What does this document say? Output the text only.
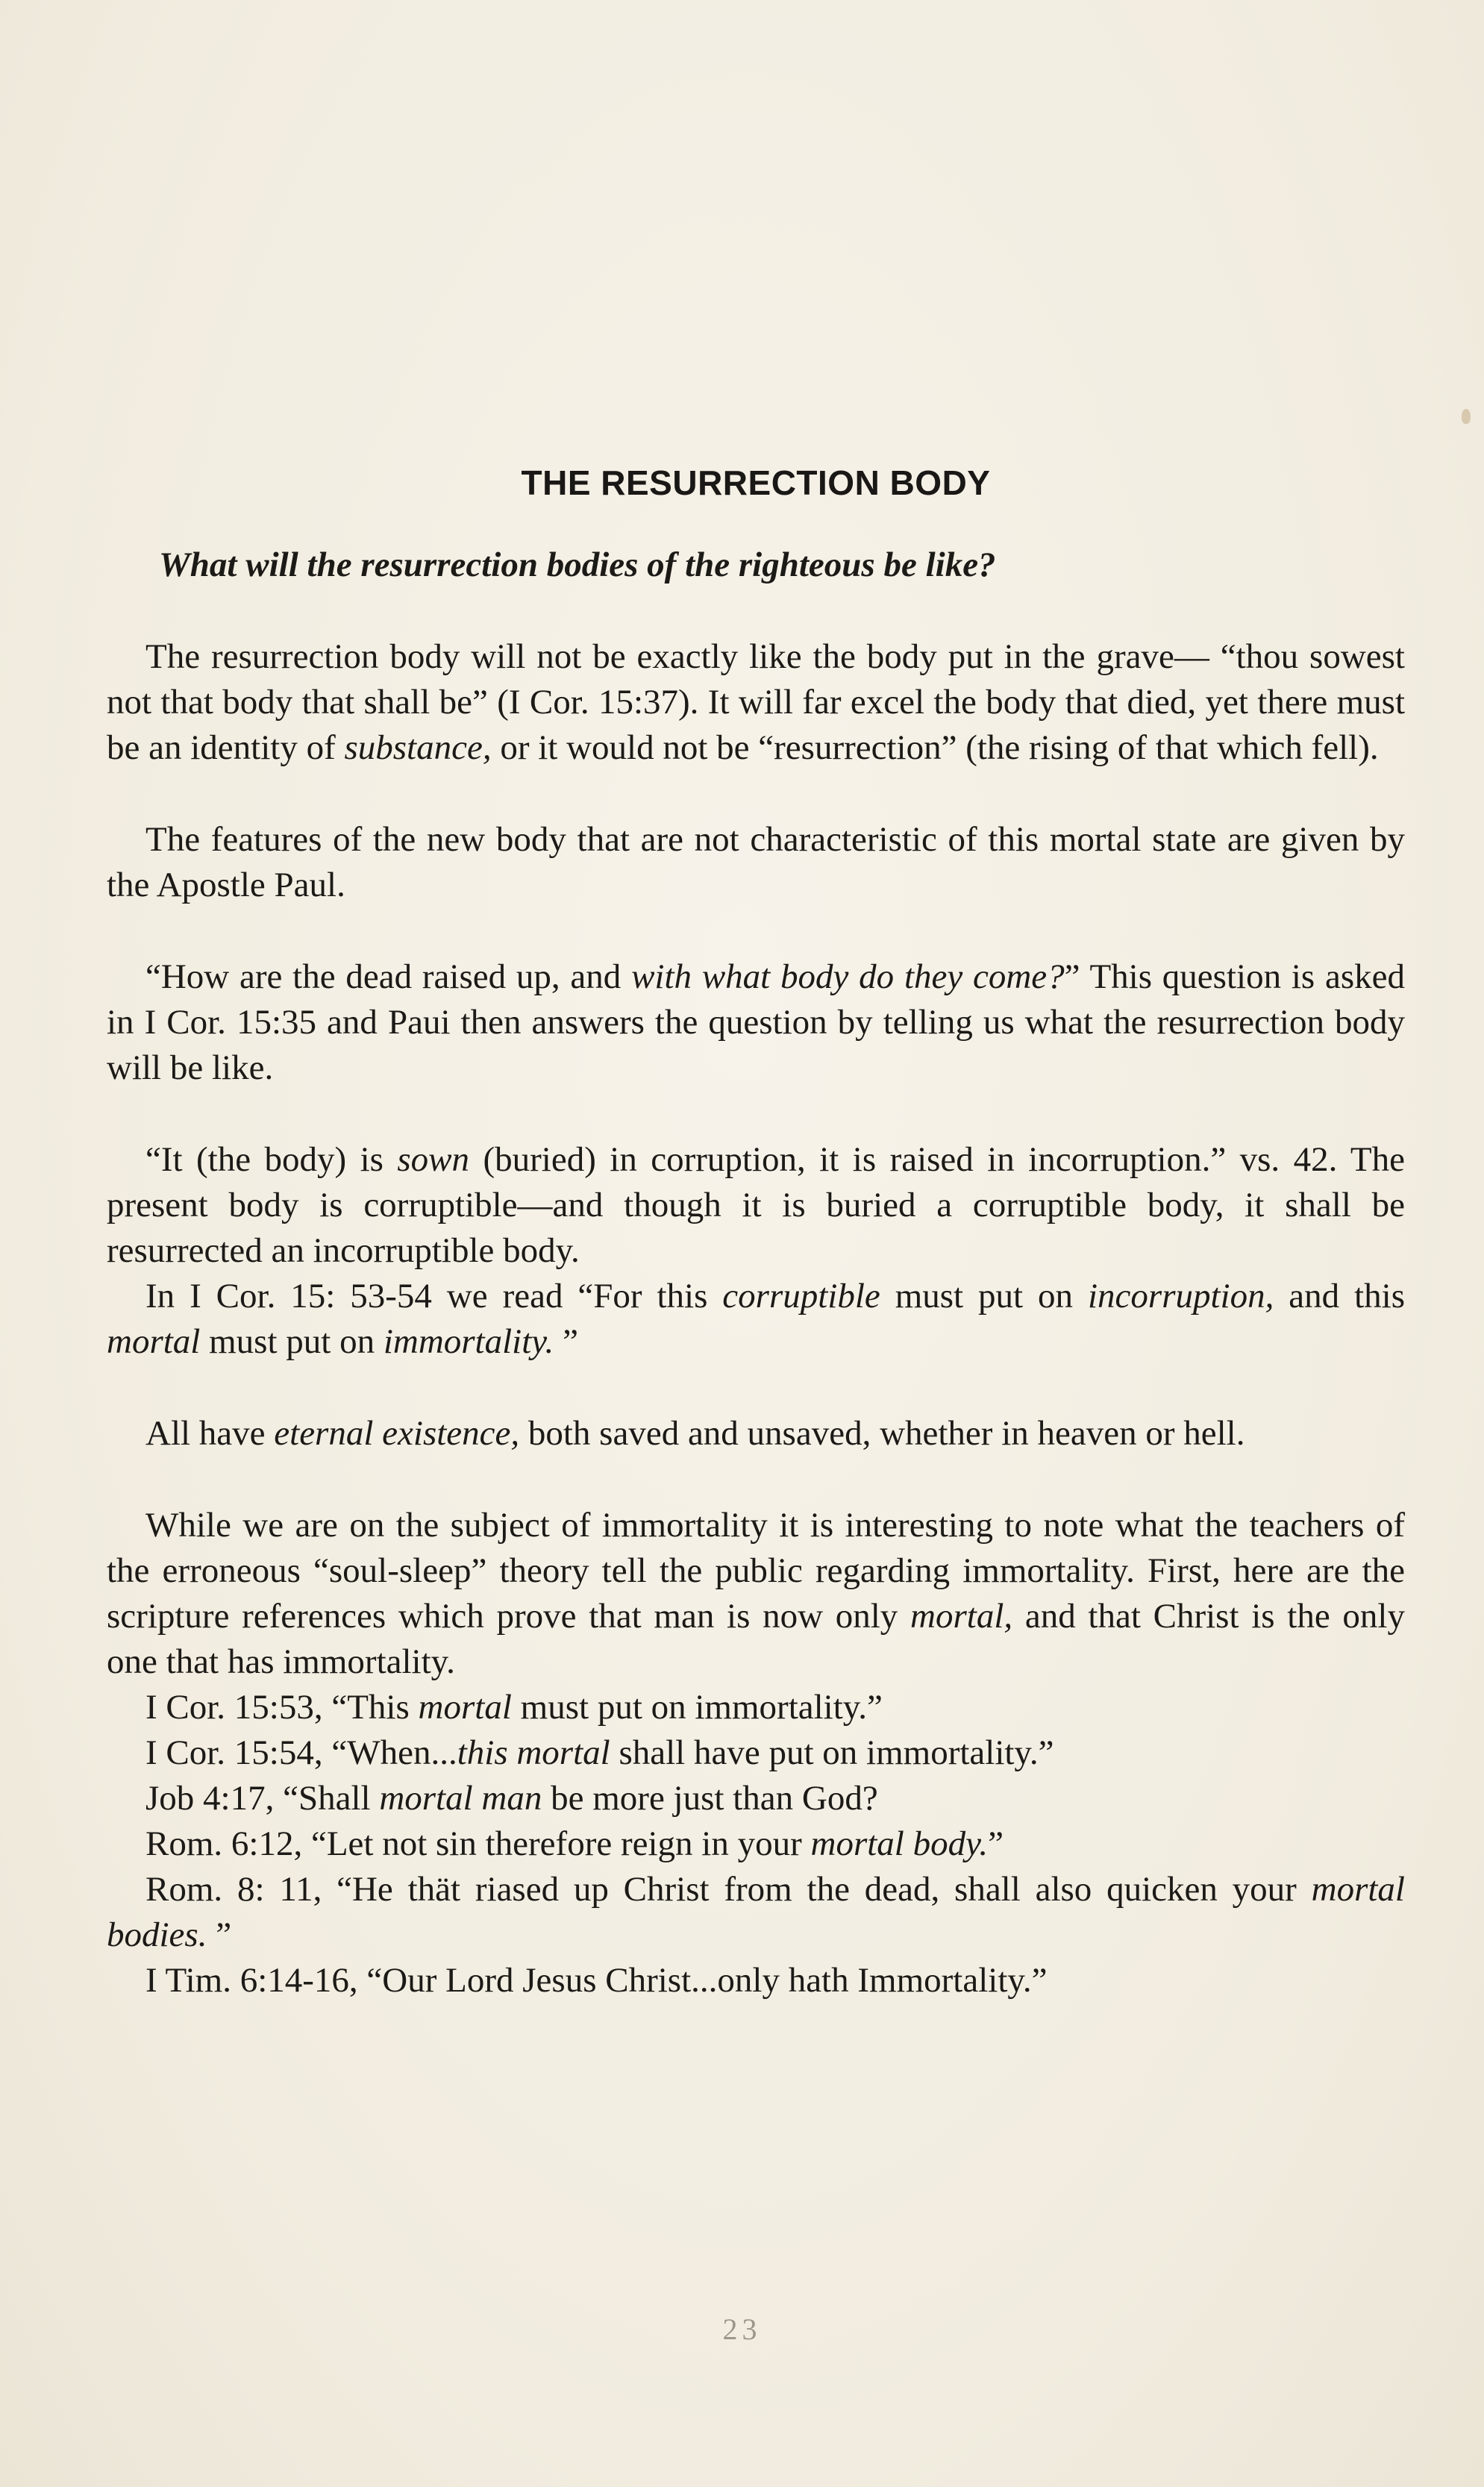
THE RESURRECTION BODY
What will the resurrection bodies of the righteous be like?

The resurrection body will not be exactly like the body put in the grave— “thou sowest not that body that shall be” (I Cor. 15:37). It will far excel the body that died, yet there must be an identity of substance, or it would not be “resurrection” (the rising of that which fell).

The features of the new body that are not characteristic of this mortal state are given by the Apostle Paul.

“How are the dead raised up, and with what body do they come?” This question is asked in I Cor. 15:35 and Paui then answers the question by telling us what the resurrection body will be like.

“It (the body) is sown (buried) in corruption, it is raised in incorruption.” vs. 42. The present body is corruptible—and though it is buried a corruptible body, it shall be resurrected an incorruptible body.

In I Cor. 15: 53-54 we read “For this corruptible must put on incorruption, and this mortal must put on immortality. ”

All have eternal existence, both saved and unsaved, whether in heaven or hell.

While we are on the subject of immortality it is interesting to note what the teachers of the erroneous “soul-sleep” theory tell the public regarding immortality. First, here are the scripture references which prove that man is now only mortal, and that Christ is the only one that has immortality.

I Cor. 15:53, “This mortal must put on immortality.”
I Cor. 15:54, “When...this mortal shall have put on immortality.”
Job 4:17, “Shall mortal man be more just than God?
Rom. 6:12, “Let not sin therefore reign in your mortal body.”
Rom. 8: 11, “He thät riased up Christ from the dead, shall also quicken your mortal bodies. ”
I Tim. 6:14-16, “Our Lord Jesus Christ...only hath Immortality.”
23
